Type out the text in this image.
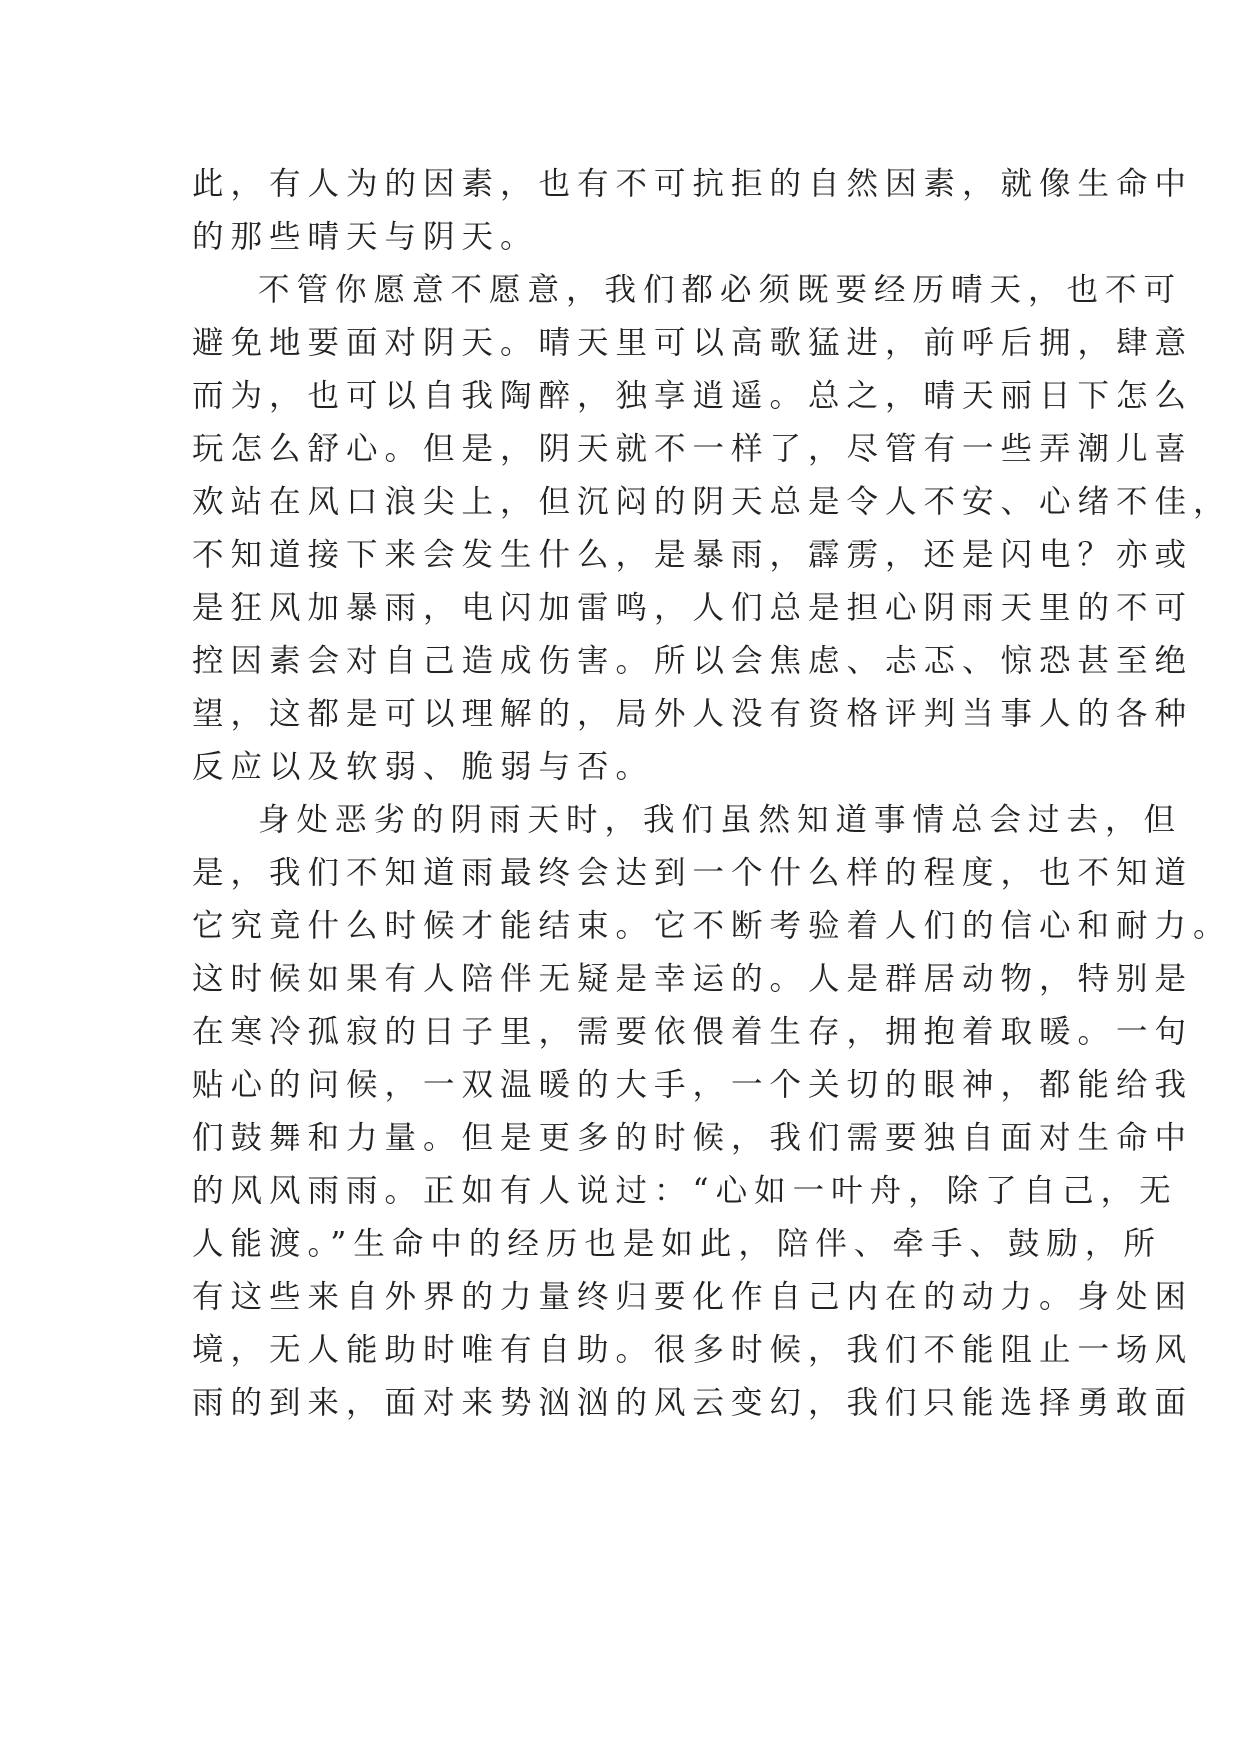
此，有人为的因素，也有不可抗拒的自然因素，就像生命中
的那些晴天与阴天。
不管你愿意不愿意，我们都必须既要经历晴天，也不可
避免地要面对阴天。晴天里可以高歌猛进，前呼后拥，肆意
而为，也可以自我陶醉，独享逍遥。总之，晴天丽日下怎么
玩怎么舒心。但是，阴天就不一样了，尽管有一些弄潮儿喜
欢站在风口浪尖上，但沉闷的阴天总是令人不安、心绪不佳，
不知道接下来会发生什么，是暴雨，霹雳，还是闪电？亦或
是狂风加暴雨，电闪加雷鸣，人们总是担心阴雨天里的不可
控因素会对自己造成伤害。所以会焦虑、忐忑、惊恐甚至绝
望，这都是可以理解的，局外人没有资格评判当事人的各种
反应以及软弱、脆弱与否。
身处恶劣的阴雨天时，我们虽然知道事情总会过去，但
是，我们不知道雨最终会达到一个什么样的程度，也不知道
它究竟什么时候才能结束。它不断考验着人们的信心和耐力。
这时候如果有人陪伴无疑是幸运的。人是群居动物，特别是
在寒冷孤寂的日子里，需要依偎着生存，拥抱着取暖。一句
贴心的问候，一双温暖的大手，一个关切的眼神，都能给我
们鼓舞和力量。但是更多的时候，我们需要独自面对生命中
的风风雨雨。正如有人说过：“心如一叶舟，除了自己，无
人能渡。”生命中的经历也是如此，陪伴、牵手、鼓励，所
有这些来自外界的力量终归要化作自己内在的动力。身处困
境，无人能助时唯有自助。很多时候，我们不能阻止一场风
雨的到来，面对来势汹汹的风云变幻，我们只能选择勇敢面
